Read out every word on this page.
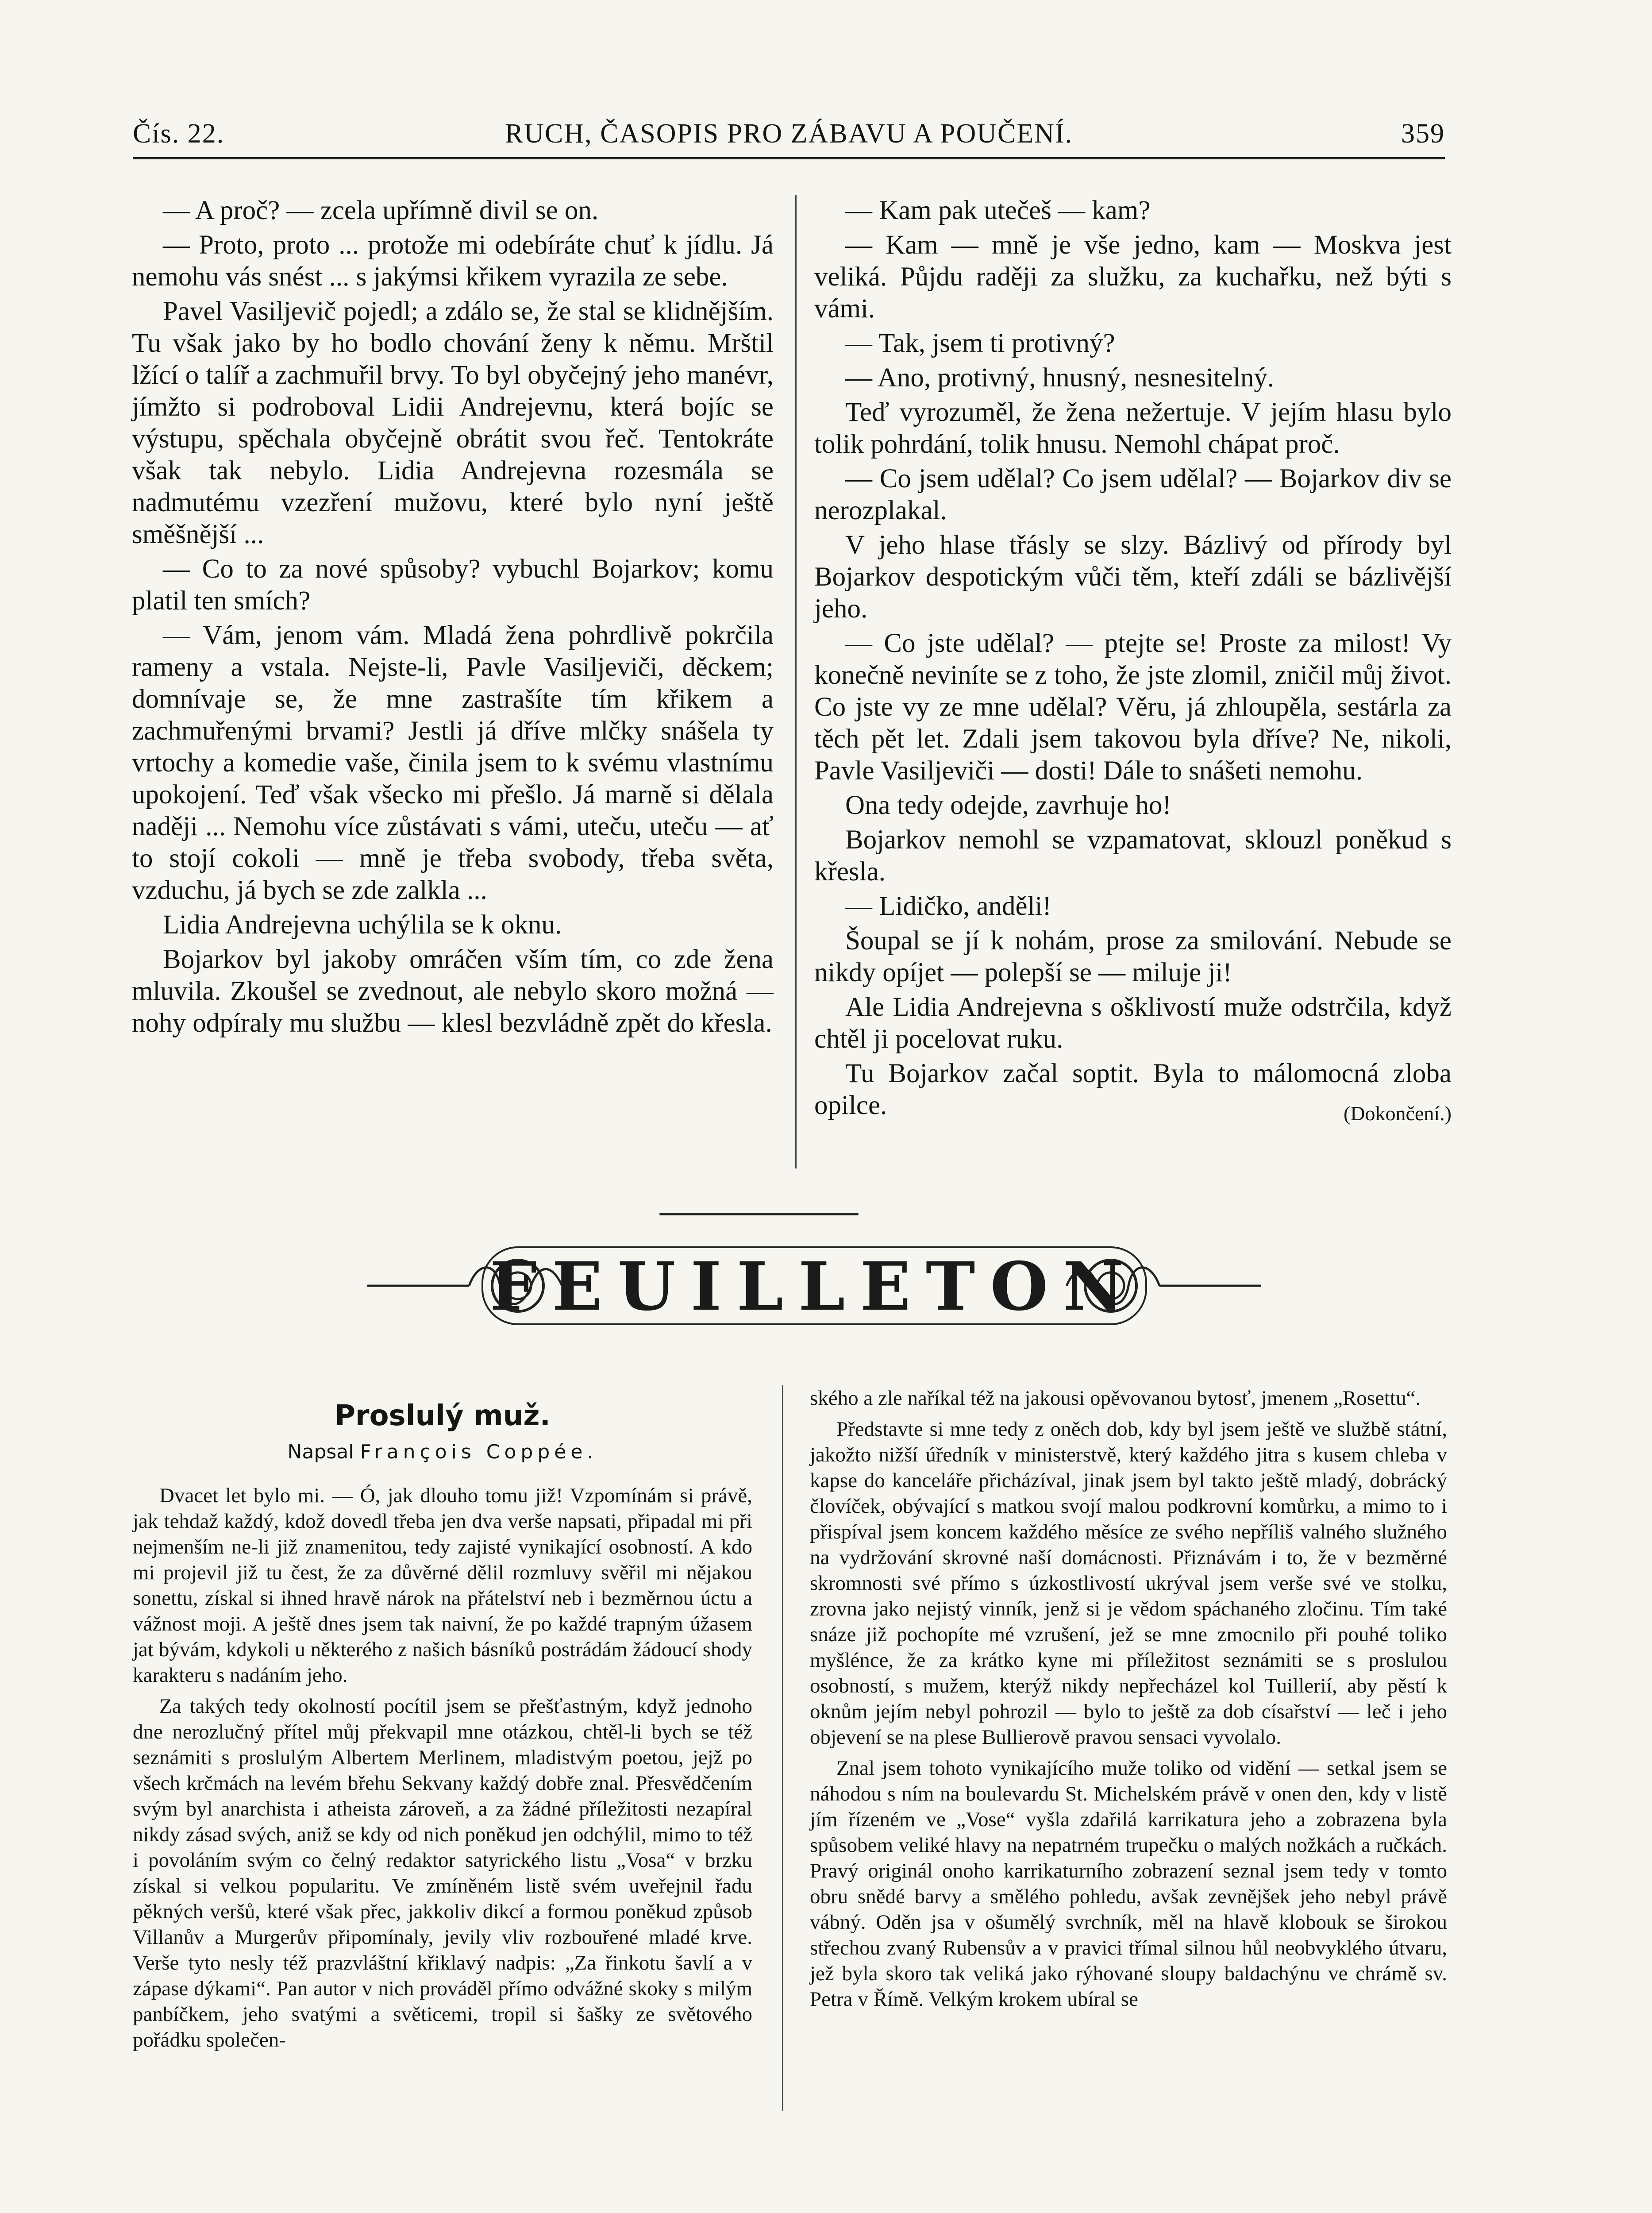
Čís. 22.	RUCH, ČASOPIS PRO ZÁBAVU A POUČENÍ.	359

— A proč? — zcela upřímně divil se on.

— Proto, proto ... protože mi odebíráte chuť k jídlu. Já nemohu vás snést ... s jakýmsi křikem vyrazila ze sebe.

Pavel Vasiljevič pojedl; a zdálo se, že stal se klidnějším. Tu však jako by ho bodlo chování ženy k němu. Mrštil lžící o talíř a zachmuřil brvy. To byl obyčejný jeho manévr, jímžto si podroboval Lidii Andrejevnu, která bojíc se výstupu, spěchala obyčejně obrátit svou řeč. Tentokráte však tak nebylo. Lidia Andrejevna rozesmála se nadmutému vzezření mužovu, které bylo nyní ještě směšnější ...

— Co to za nové spůsoby? vybuchl Bojarkov; komu platil ten smích?

— Vám, jenom vám. Mladá žena pohrdlivě pokrčila rameny a vstala. Nejste-li, Pavle Vasiljeviči, děckem; domnívaje se, že mne zastrašíte tím křikem a zachmuřenými brvami? Jestli já dříve mlčky snášela ty vrtochy a komedie vaše, činila jsem to k svému vlastnímu upokojení. Teď však všecko mi přešlo. Já marně si dělala naději ... Nemohu více zůstávati s vámi, uteču, uteču — ať to stojí cokoli — mně je třeba svobody, třeba světa, vzduchu, já bych se zde zalkla ...

Lidia Andrejevna uchýlila se k oknu.

Bojarkov byl jakoby omráčen vším tím, co zde žena mluvila. Zkoušel se zvednout, ale nebylo skoro možná — nohy odpíraly mu službu — klesl bezvládně zpět do křesla.

— Kam pak utečeš — kam?

— Kam — mně je vše jedno, kam — Moskva jest veliká. Půjdu raději za služku, za kuchařku, než býti s vámi.

— Tak, jsem ti protivný?

— Ano, protivný, hnusný, nesnesitelný.

Teď vyrozuměl, že žena nežertuje. V jejím hlasu bylo tolik pohrdání, tolik hnusu. Nemohl chápat proč.

— Co jsem udělal? Co jsem udělal? — Bojarkov div se nerozplakal.

V jeho hlase třásly se slzy. Bázlivý od přírody byl Bojarkov despotickým vůči těm, kteří zdáli se bázlivější jeho.

— Co jste udělal? — ptejte se! Proste za milost! Vy konečně neviníte se z toho, že jste zlomil, zničil můj život. Co jste vy ze mne udělal? Věru, já zhloupěla, sestárla za těch pět let. Zdali jsem takovou byla dříve? Ne, nikoli, Pavle Vasiljeviči — dosti! Dále to snášeti nemohu.

Ona tedy odejde, zavrhuje ho!

Bojarkov nemohl se vzpamatovat, sklouzl poněkud s křesla.

— Lidičko, anděli!

Šoupal se jí k nohám, prose za smilování. Nebude se nikdy opíjet — polepší se — miluje ji!

Ale Lidia Andrejevna s ošklivostí muže odstrčila, když chtěl ji pocelovat ruku.

Tu Bojarkov začal soptit. Byla to málomocná zloba opilce.	(Dokončení.)
FEUILLETON
Proslulý muž.
Napsal François Coppée.

Dvacet let bylo mi. — Ó, jak dlouho tomu již! Vzpomínám si právě, jak tehdaž každý, kdož dovedl třeba jen dva verše napsati, připadal mi při nejmenším ne-li již znamenitou, tedy zajisté vynikající osobností. A kdo mi projevil již tu čest, že za důvěrné dělil rozmluvy svěřil mi nějakou sonettu, získal si ihned hravě nárok na přátelství neb i bezměrnou úctu a vážnost moji. A ještě dnes jsem tak naivní, že po každé trapným úžasem jat bývám, kdykoli u některého z našich básníků postrádám žádoucí shody karakteru s nadáním jeho.

Za takých tedy okolností pocítil jsem se přešťastným, když jednoho dne nerozlučný přítel můj překvapil mne otázkou, chtěl-li bych se též seznámiti s proslulým Albertem Merlinem, mladistvým poetou, jejž po všech krčmách na levém břehu Sekvany každý dobře znal. Přesvědčením svým byl anarchista i atheista zároveň, a za žádné příležitosti nezapíral nikdy zásad svých, aniž se kdy od nich poněkud jen odchýlil, mimo to též i povoláním svým co čelný redaktor satyrického listu „Vosa“ v brzku získal si velkou popularitu. Ve zmíněném listě svém uveřejnil řadu pěkných veršů, které však přec, jakkoliv dikcí a formou poněkud způsob Villanův a Murgerův připomínaly, jevily vliv rozbouřené mladé krve. Verše tyto nesly též prazvláštní křiklavý nadpis: „Za řinkotu šavlí a v zápase dýkami“. Pan autor v nich prováděl přímo odvážné skoky s milým panbíčkem, jeho svatými a světicemi, tropil si šašky ze světového pořádku společen-

ského a zle naříkal též na jakousi opěvovanou bytosť, jmenem „Rosettu“.

Představte si mne tedy z oněch dob, kdy byl jsem ještě ve službě státní, jakožto nižší úředník v ministerstvě, který každého jitra s kusem chleba v kapse do kanceláře přicházíval, jinak jsem byl takto ještě mladý, dobrácký človíček, obývající s matkou svojí malou podkrovní komůrku, a mimo to i přispíval jsem koncem každého měsíce ze svého nepříliš valného služného na vydržování skrovné naší domácnosti. Přiznávám i to, že v bezměrné skromnosti své přímo s úzkostlivostí ukrýval jsem verše své ve stolku, zrovna jako nejistý vinník, jenž si je vědom spáchaného zločinu. Tím také snáze již pochopíte mé vzrušení, jež se mne zmocnilo při pouhé toliko myšlénce, že za krátko kyne mi příležitost seznámiti se s proslulou osobností, s mužem, kterýž nikdy nepřecházel kol Tuillerií, aby pěstí k oknům jejím nebyl pohrozil — bylo to ještě za dob císařství — leč i jeho objevení se na plese Bullierově pravou sensaci vyvolalo.

Znal jsem tohoto vynikajícího muže toliko od vidění — setkal jsem se náhodou s ním na boulevardu St. Michelském právě v onen den, kdy v listě jím řízeném ve „Vose“ vyšla zdařilá karrikatura jeho a zobrazena byla spůsobem veliké hlavy na nepatrném trupečku o malých nožkách a ručkách. Pravý originál onoho karrikaturního zobrazení seznal jsem tedy v tomto obru snědé barvy a smělého pohledu, avšak zevnějšek jeho nebyl právě vábný. Oděn jsa v ošumělý svrchník, měl na hlavě klobouk se širokou střechou zvaný Rubensův a v pravici třímal silnou hůl neobvyklého útvaru, jež byla skoro tak veliká jako rýhované sloupy baldachýnu ve chrámě sv. Petra v Římě. Velkým krokem ubíral se
